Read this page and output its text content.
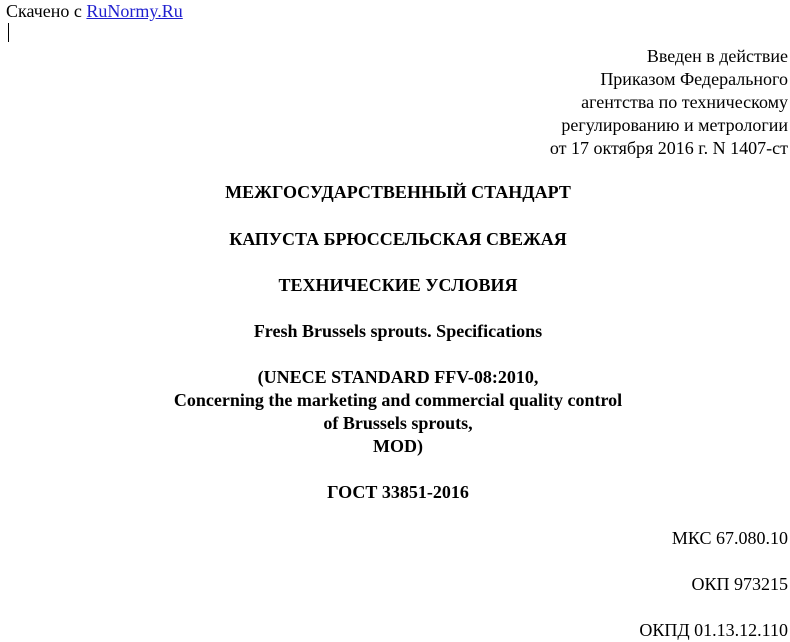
Скачено с RuNormy.Ru
Введен в действие
Приказом Федерального
агентства по техническому
регулированию и метрологии
от 17 октября 2016 г. N 1407-ст
МЕЖГОСУДАРСТВЕННЫЙ СТАНДАРТ
КАПУСТА БРЮССЕЛЬСКАЯ СВЕЖАЯ
ТЕХНИЧЕСКИЕ УСЛОВИЯ
Fresh Brussels sprouts. Specifications
(UNECE STANDARD FFV-08:2010,
Concerning the marketing and commercial quality control
of Brussels sprouts,
MOD)
ГОСТ 33851-2016
МКС 67.080.10
ОКП 973215
ОКПД 01.13.12.110
